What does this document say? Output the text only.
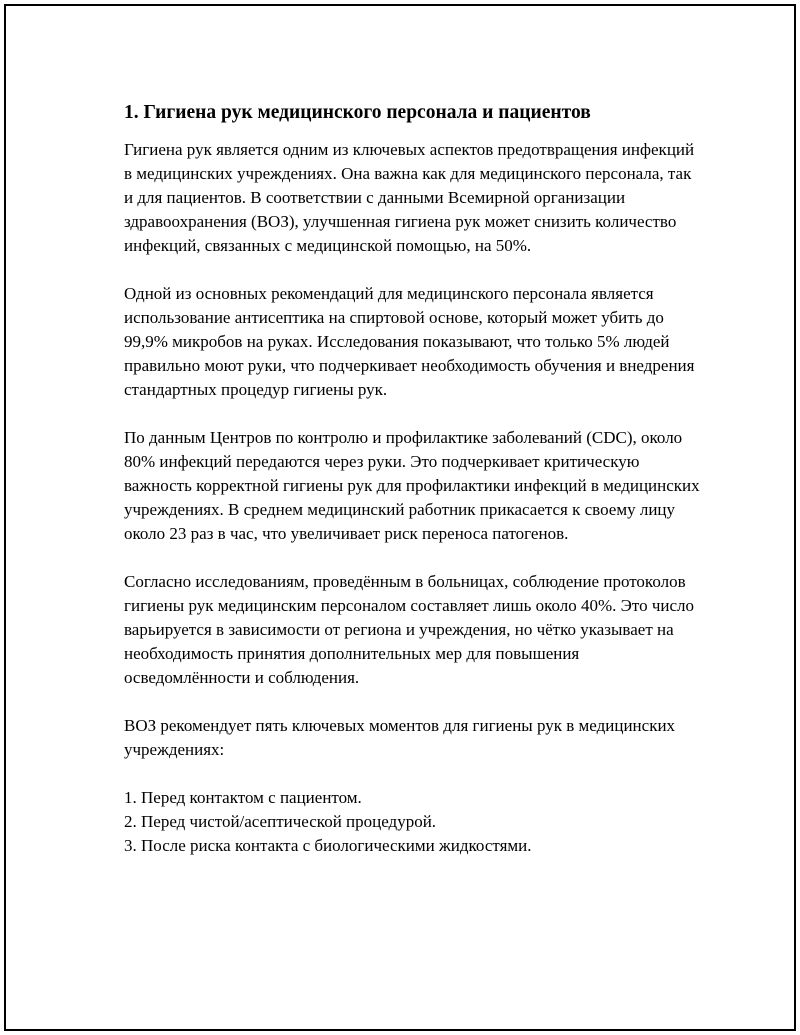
1. Гигиена рук медицинского персонала и пациентов

Гигиена рук является одним из ключевых аспектов предотвращения инфекций в медицинских учреждениях. Она важна как для медицинского персонала, так и для пациентов. В соответствии с данными Всемирной организации здравоохранения (ВОЗ), улучшенная гигиена рук может снизить количество инфекций, связанных с медицинской помощью, на 50%.

Одной из основных рекомендаций для медицинского персонала является использование антисептика на спиртовой основе, который может убить до 99,9% микробов на руках. Исследования показывают, что только 5% людей правильно моют руки, что подчеркивает необходимость обучения и внедрения стандартных процедур гигиены рук.

По данным Центров по контролю и профилактике заболеваний (CDC), около 80% инфекций передаются через руки. Это подчеркивает критическую важность корректной гигиены рук для профилактики инфекций в медицинских учреждениях. В среднем медицинский работник прикасается к своему лицу около 23 раз в час, что увеличивает риск переноса патогенов.

Согласно исследованиям, проведённым в больницах, соблюдение протоколов гигиены рук медицинским персоналом составляет лишь около 40%. Это число варьируется в зависимости от региона и учреждения, но чётко указывает на необходимость принятия дополнительных мер для повышения осведомлённости и соблюдения.

ВОЗ рекомендует пять ключевых моментов для гигиены рук в медицинских учреждениях:

1. Перед контактом с пациентом.
2. Перед чистой/асептической процедурой.
3. После риска контакта с биологическими жидкостями.
